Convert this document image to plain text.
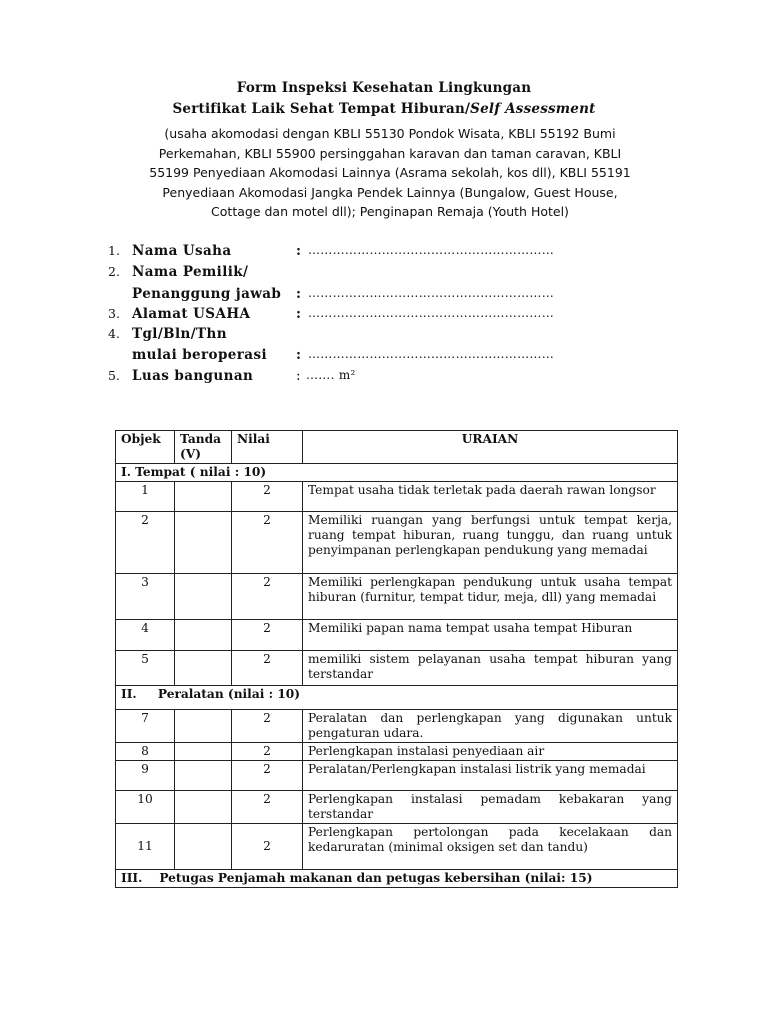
Form Inspeksi Kesehatan Lingkungan
Sertifikat Laik Sehat Tempat Hiburan/Self Assessment
(usaha akomodasi dengan KBLI 55130 Pondok Wisata, KBLI 55192 Bumi
Perkemahan, KBLI 55900 persinggahan karavan dan taman caravan, KBLI
55199 Penyediaan Akomodasi Lainnya (Asrama sekolah, kos dll), KBLI 55191
Penyediaan Akomodasi Jangka Pendek Lainnya (Bungalow, Guest House,
Cottage dan motel dll); Penginapan Remaja (Youth Hotel)
1. Nama Usaha	: ……………………………………………………
2. Nama Pemilik/
Penanggung jawab : ……………………………………………………
3. Alamat USAHA	: ……………………………………………………
4. Tgl/Bln/Thn
mulai beroperasi : ……………………………………………………
5. Luas bangunan	: ……. m²
Objek	Tanda (V)	Nilai	URAIAN
I. Tempat ( nilai : 10)			
1		2	Tempat usaha tidak terletak pada daerah rawan longsor
2		2	Memiliki ruangan yang berfungsi untuk tempat kerja, ruang tempat hiburan, ruang tunggu, dan ruang untuk penyimpanan perlengkapan pendukung yang memadai
3		2	Memiliki perlengkapan pendukung untuk usaha tempat hiburan (furnitur, tempat tidur, meja, dll) yang memadai
4		2	Memiliki papan nama tempat usaha tempat Hiburan
5		2	memiliki sistem pelayanan usaha tempat hiburan yang terstandar
II.     Peralatan (nilai : 10)			
7		2	Peralatan dan perlengkapan yang digunakan untuk pengaturan udara.
8		2	Perlengkapan instalasi penyediaan air
9		2	Peralatan/Perlengkapan instalasi listrik yang memadai
10		2	Perlengkapan instalasi pemadam kebakaran yang terstandar
11		2	Perlengkapan pertolongan pada kecelakaan dan kedaruratan (minimal oksigen set dan tandu)
III.    Petugas Penjamah makanan dan petugas kebersihan (nilai: 15)			
